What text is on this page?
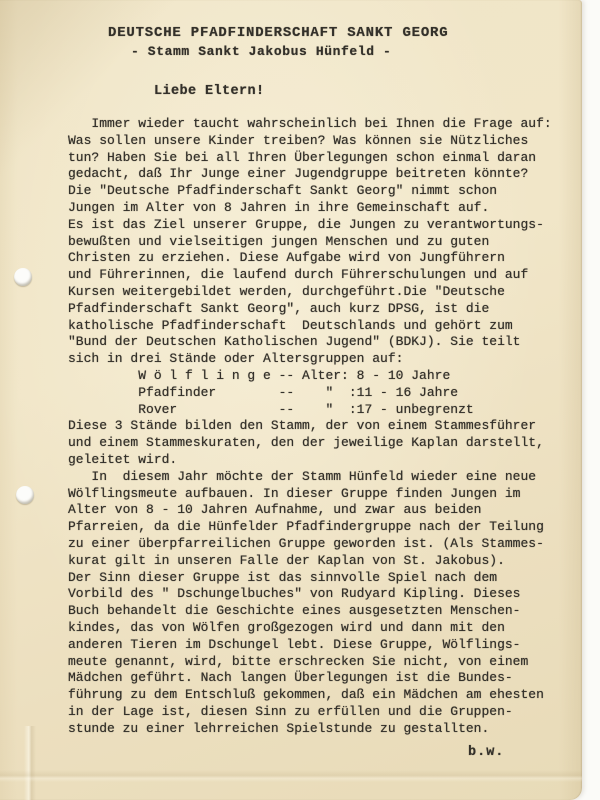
DEUTSCHE PFADFINDERSCHAFT SANKT GEORG
- Stamm Sankt Jakobus Hünfeld -
Liebe Eltern!
Immer wieder taucht wahrscheinlich bei Ihnen die Frage auf:
Was sollen unsere Kinder treiben? Was können sie Nützliches
tun? Haben Sie bei all Ihren Überlegungen schon einmal daran
gedacht, daß Ihr Junge einer Jugendgruppe beitreten könnte?
Die "Deutsche Pfadfinderschaft Sankt Georg" nimmt schon
Jungen im Alter von 8 Jahren in ihre Gemeinschaft auf.
Es ist das Ziel unserer Gruppe, die Jungen zu verantwortungs-
bewußten und vielseitigen jungen Menschen und zu guten
Christen zu erziehen. Diese Aufgabe wird von Jungführern
und Führerinnen, die laufend durch Führerschulungen und auf
Kursen weitergebildet werden, durchgeführt.Die "Deutsche
Pfadfinderschaft Sankt Georg", auch kurz DPSG, ist die
katholische Pfadfinderschaft  Deutschlands und gehört zum
"Bund der Deutschen Katholischen Jugend" (BDKJ). Sie teilt
sich in drei Stände oder Altersgruppen auf:
W ö l f l i n g e -- Alter: 8 - 10 Jahre
Pfadfinder        --    "  :11 - 16 Jahre
Rover             --    "  :17 - unbegrenzt
Diese 3 Stände bilden den Stamm, der von einem Stammesführer
und einem Stammeskuraten, den der jeweilige Kaplan darstellt,
geleitet wird.
In  diesem Jahr möchte der Stamm Hünfeld wieder eine neue
Wölflingsmeute aufbauen. In dieser Gruppe finden Jungen im
Alter von 8 - 10 Jahren Aufnahme, und zwar aus beiden
Pfarreien, da die Hünfelder Pfadfindergruppe nach der Teilung
zu einer überpfarreilichen Gruppe geworden ist. (Als Stammes-
kurat gilt in unseren Falle der Kaplan von St. Jakobus).
Der Sinn dieser Gruppe ist das sinnvolle Spiel nach dem
Vorbild des " Dschungelbuches" von Rudyard Kipling. Dieses
Buch behandelt die Geschichte eines ausgesetzten Menschen-
kindes, das von Wölfen großgezogen wird und dann mit den
anderen Tieren im Dschungel lebt. Diese Gruppe, Wölflings-
meute genannt, wird, bitte erschrecken Sie nicht, von einem
Mädchen geführt. Nach langen Überlegungen ist die Bundes-
führung zu dem Entschluß gekommen, daß ein Mädchen am ehesten
in der Lage ist, diesen Sinn zu erfüllen und die Gruppen-
stunde zu einer lehrreichen Spielstunde zu gestallten.
b.w.
